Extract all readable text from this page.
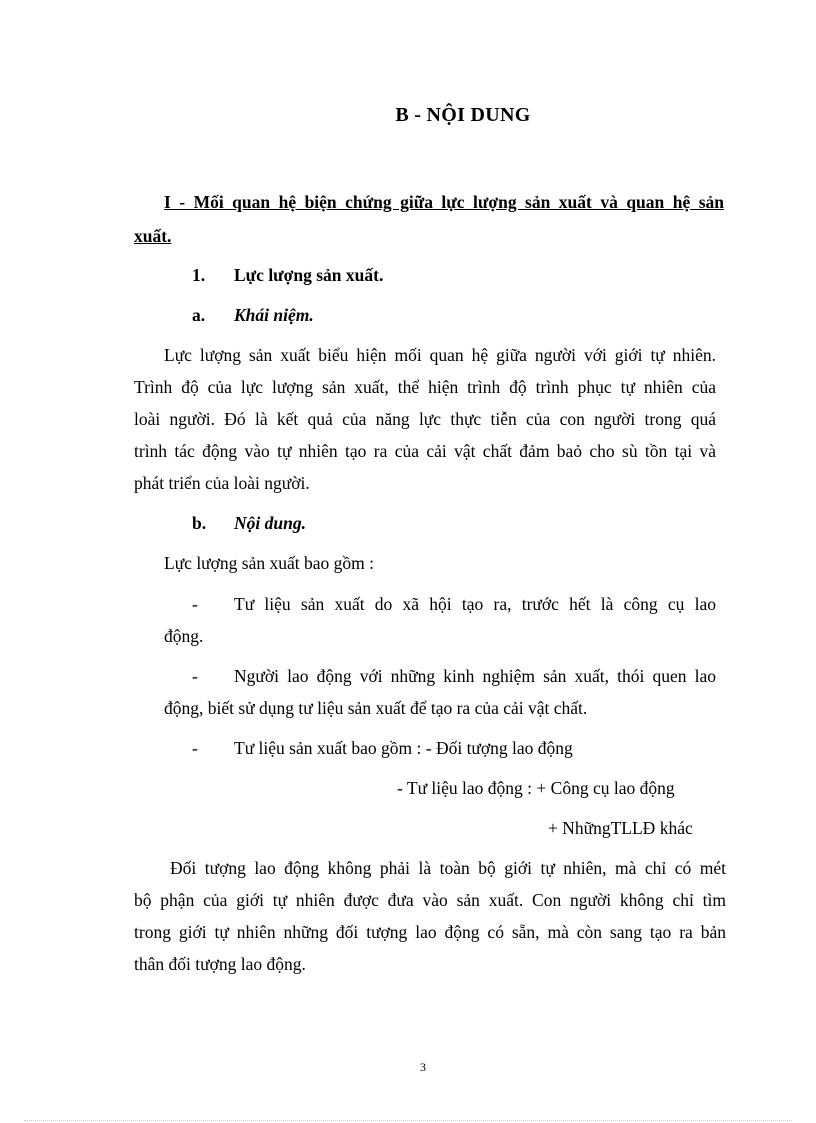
B - NỘI DUNG
I - Mối quan hệ biện chứng giữa lực lượng sản xuất và quan hệ sản
xuất.
1. Lực lượng sản xuất.
a. Khái niệm.
Lực lượng sản xuất biểu hiện mối quan hệ giữa người với giới tự nhiên.
Trình độ của lực lượng sản xuất, thể hiện trình độ trình phục tự nhiên của
loài người. Đó là kết quả của năng lực thực tiễn của con người trong quá
trình tác động vào tự nhiên tạo ra của cải vật chất đảm baỏ cho sù tồn tại và
phát triển của loài người.
b. Nội dung.
Lực lượng sản xuất bao gồm :
- Tư liệu sản xuất do xã hội tạo ra, trước hết là công cụ lao
động.
- Người lao động với những kinh nghiệm sản xuất, thói quen lao
động, biết sử dụng tư liệu sản xuất để tạo ra của cải vật chất.
- Tư liệu sản xuất bao gồm : - Đối tượng lao động
- Tư liệu lao động : + Công cụ lao động
+ NhữngTLLĐ khác
Đối tượng lao động không phải là toàn bộ giới tự nhiên, mà chỉ có mét
bộ phận của giới tự nhiên được đưa vào sản xuất. Con người không chỉ tìm
trong giới tự nhiên những đối tượng lao động có sẵn, mà còn sang tạo ra bản
thân đối tượng lao động.
3
